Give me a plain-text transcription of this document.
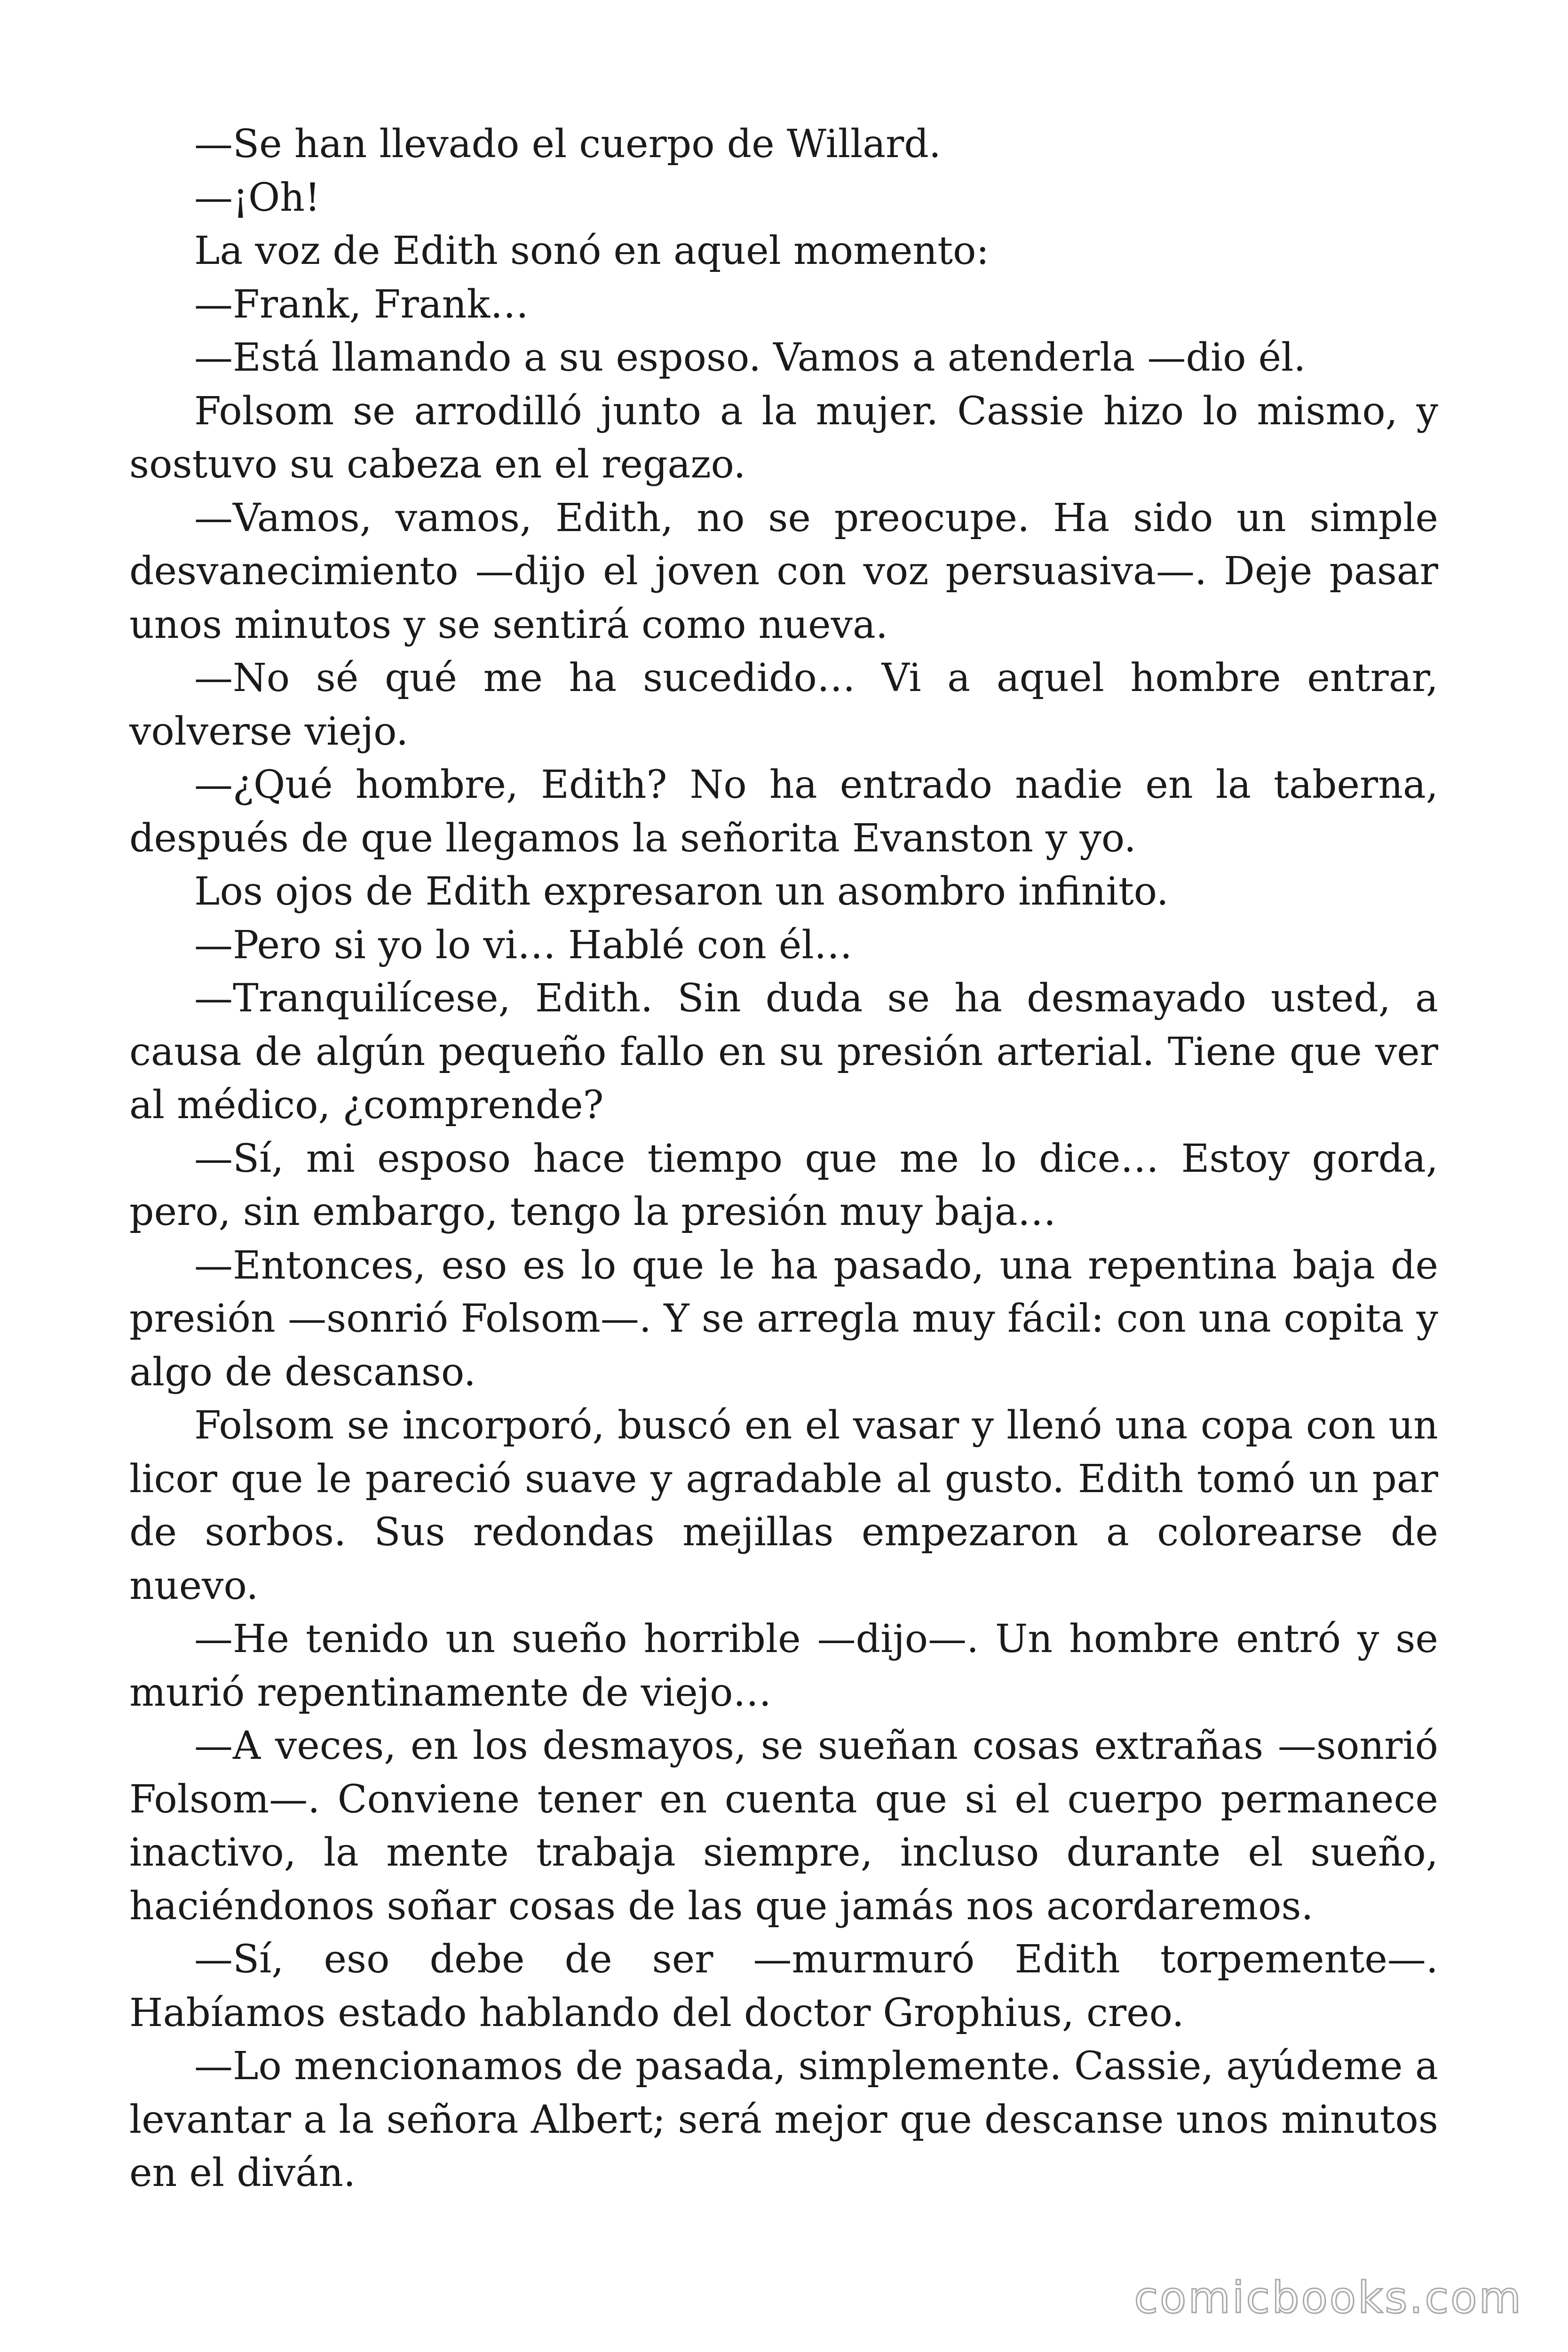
—Se han llevado el cuerpo de Willard.

—¡Oh!

La voz de Edith sonó en aquel momento:

—Frank, Frank…

—Está llamando a su esposo. Vamos a atenderla —dio él.

Folsom se arrodilló junto a la mujer. Cassie hizo lo mismo, y sostuvo su cabeza en el regazo.

—Vamos, vamos, Edith, no se preocupe. Ha sido un simple desvanecimiento —dijo el joven con voz persuasiva—. Deje pasar unos minutos y se sentirá como nueva.

—No sé qué me ha sucedido… Vi a aquel hombre entrar, volverse viejo.

—¿Qué hombre, Edith? No ha entrado nadie en la taberna, después de que llegamos la señorita Evanston y yo.

Los ojos de Edith expresaron un asombro infinito.

—Pero si yo lo vi… Hablé con él…

—Tranquilícese, Edith. Sin duda se ha desmayado usted, a causa de algún pequeño fallo en su presión arterial. Tiene que ver al médico, ¿comprende?

—Sí, mi esposo hace tiempo que me lo dice… Estoy gorda, pero, sin embargo, tengo la presión muy baja…

—Entonces, eso es lo que le ha pasado, una repentina baja de presión —sonrió Folsom—. Y se arregla muy fácil: con una copita y algo de descanso.

Folsom se incorporó, buscó en el vasar y llenó una copa con un licor que le pareció suave y agradable al gusto. Edith tomó un par de sorbos. Sus redondas mejillas empezaron a colorearse de nuevo.

—He tenido un sueño horrible —dijo—. Un hombre entró y se murió repentinamente de viejo…

—A veces, en los desmayos, se sueñan cosas extrañas —sonrió Folsom—. Conviene tener en cuenta que si el cuerpo permanece inactivo, la mente trabaja siempre, incluso durante el sueño, haciéndonos soñar cosas de las que jamás nos acordaremos.

—Sí, eso debe de ser —murmuró Edith torpemente—. Habíamos estado hablando del doctor Grophius, creo.

—Lo mencionamos de pasada, simplemente. Cassie, ayúdeme a levantar a la señora Albert; será mejor que descanse unos minutos en el diván.

comicbooks.com
